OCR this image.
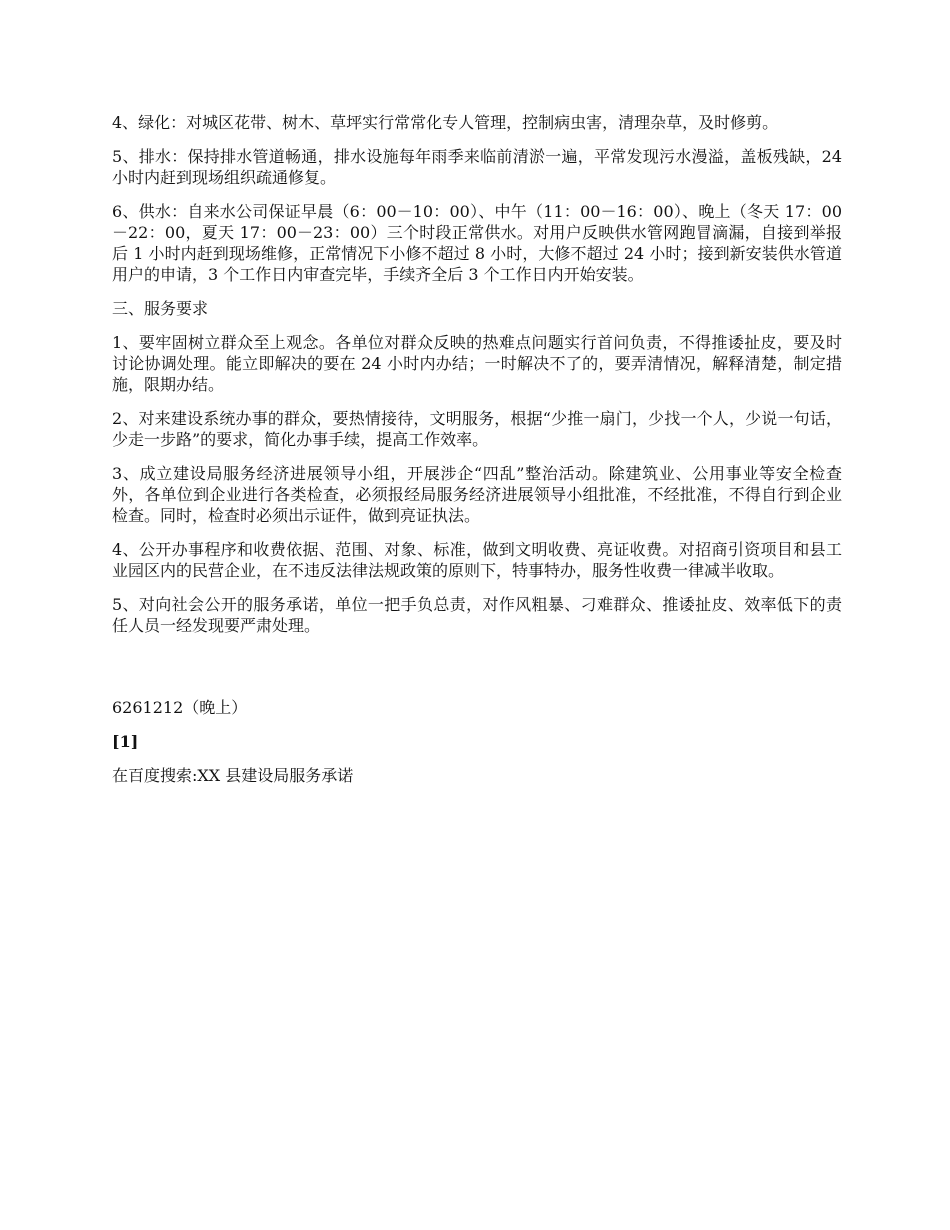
4、绿化：对城区花带、树木、草坪实行常常化专人管理，控制病虫害，清理杂草，及时修剪。

5、排水：保持排水管道畅通，排水设施每年雨季来临前清淤一遍，平常发现污水漫溢，盖板残缺，24 小时内赶到现场组织疏通修复。

6、供水：自来水公司保证早晨（6：00－10：00）、中午（11：00－16：00）、晚上（冬天 17：00－22：00，夏天 17：00－23：00）三个时段正常供水。对用户反映供水管网跑冒滴漏，自接到举报后 1 小时内赶到现场维修，正常情况下小修不超过 8 小时，大修不超过 24 小时；接到新安装供水管道用户的申请，3 个工作日内审查完毕，手续齐全后 3 个工作日内开始安装。

三、服务要求

1、要牢固树立群众至上观念。各单位对群众反映的热难点问题实行首问负责，不得推诿扯皮，要及时讨论协调处理。能立即解决的要在 24 小时内办结；一时解决不了的，要弄清情况，解释清楚，制定措施，限期办结。

2、对来建设系统办事的群众，要热情接待，文明服务，根据“少推一扇门，少找一个人，少说一句话，少走一步路”的要求，简化办事手续，提高工作效率。

3、成立建设局服务经济进展领导小组，开展涉企“四乱”整治活动。除建筑业、公用事业等安全检查外，各单位到企业进行各类检查，必须报经局服务经济进展领导小组批准，不经批准，不得自行到企业检查。同时，检查时必须出示证件，做到亮证执法。

4、公开办事程序和收费依据、范围、对象、标准，做到文明收费、亮证收费。对招商引资项目和县工业园区内的民营企业，在不违反法律法规政策的原则下，特事特办，服务性收费一律减半收取。

5、对向社会公开的服务承诺，单位一把手负总责，对作风粗暴、刁难群众、推诿扯皮、效率低下的责任人员一经发现要严肃处理。

6261212（晚上）

[1]

在百度搜索:XX 县建设局服务承诺
